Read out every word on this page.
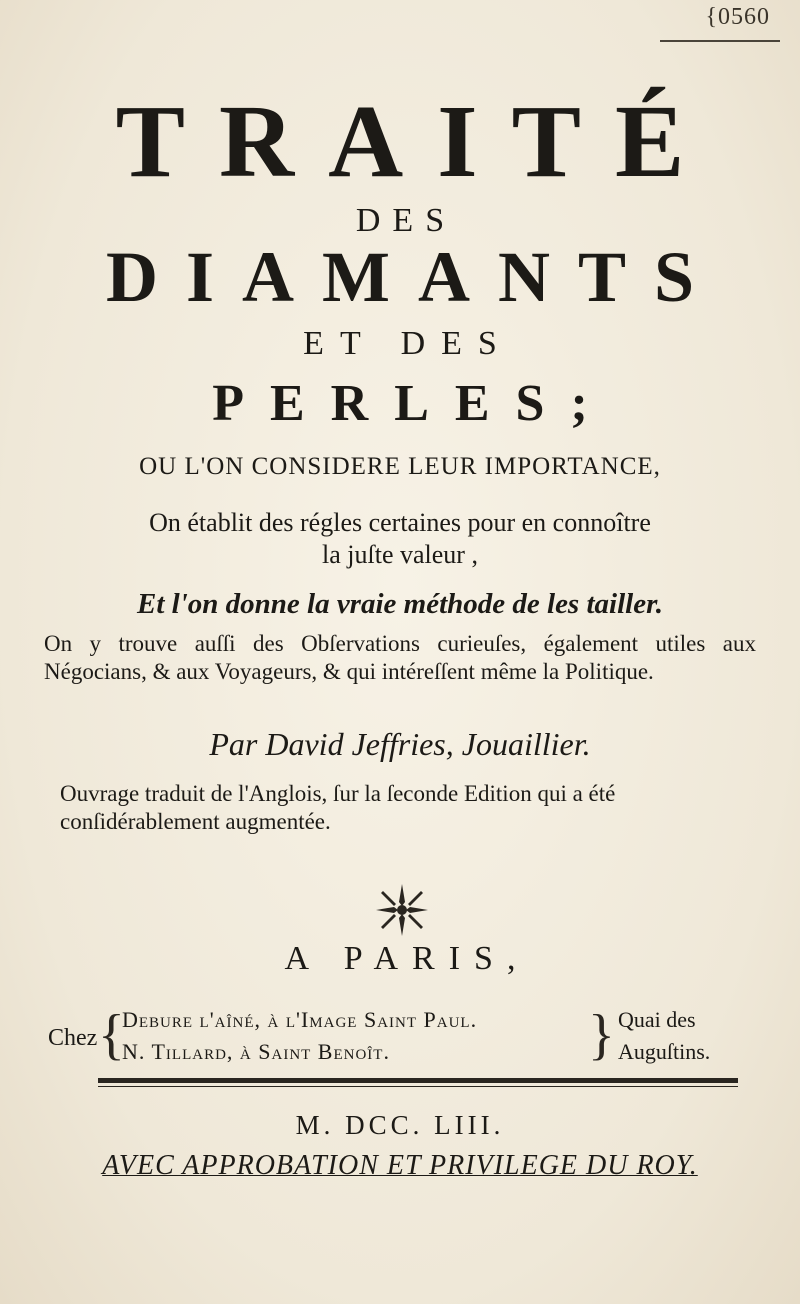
{0560
TRAITÉ
DES
DIAMANTS
ET DES
PERLES;
OU L'ON CONSIDERE LEUR IMPORTANCE,
On établit des régles certaines pour en connoître
la juſte valeur ,
Et l'on donne la vraie méthode de les tailler.
On y trouve auſſi des Obſervations curieuſes, également utiles aux Négocians, & aux Voyageurs, & qui intéreſſent même la Politique.
Par David Jeffries, Jouaillier.
Ouvrage traduit de l'Anglois, ſur la ſeconde Edition qui a été conſidérablement augmentée.
A PARIS,
Chez {
Debure l'aîné, à l'Image Saint Paul.
N. Tillard, à Saint Benoît.	} Quai des
Auguſtins.
M. DCC. LIII.
AVEC APPROBATION ET PRIVILEGE DU ROY.
